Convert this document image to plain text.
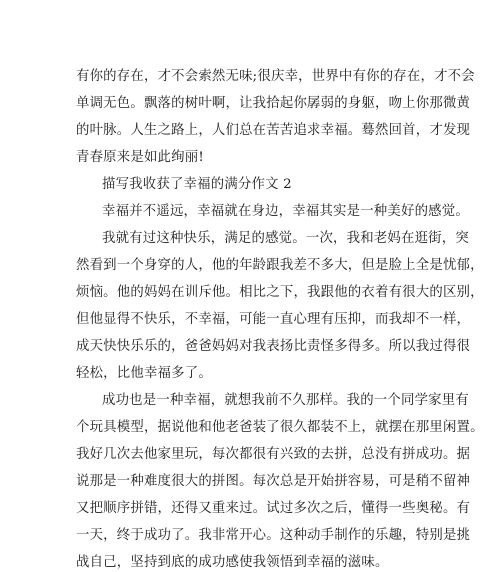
有你的存在，才不会索然无味;很庆幸，世界中有你的存在，才不会
单调无色。飘落的树叶啊，让我拾起你孱弱的身躯，吻上你那微黄
的叶脉。人生之路上，人们总在苦苦追求幸福。蓦然回首，才发现
青春原来是如此绚丽!
描写我收获了幸福的满分作文 2
幸福并不遥远，幸福就在身边，幸福其实是一种美好的感觉。
我就有过这种快乐，满足的感觉。一次，我和老妈在逛街，突
然看到一个身穿的人，他的年龄跟我差不多大，但是脸上全是忧郁，
烦恼。他的妈妈在训斥他。相比之下，我跟他的衣着有很大的区别，
但他显得不快乐，不幸福，可能一直心理有压抑，而我却不一样，
成天快快乐乐的，爸爸妈妈对我表扬比责怪多得多。所以我过得很
轻松，比他幸福多了。
成功也是一种幸福，就想我前不久那样。我的一个同学家里有
个玩具模型，据说他和他老爸装了很久都装不上，就摆在那里闲置。
我好几次去他家里玩，每次都很有兴致的去拼，总没有拼成功。据
说那是一种难度很大的拼图。每次总是开始拼容易，可是稍不留神
又把顺序拼错，还得又重来过。试过多次之后，懂得一些奥秘。有
一天，终于成功了。我非常开心。这种动手制作的乐趣，特别是挑
战自己，坚持到底的成功感使我领悟到幸福的滋味。
